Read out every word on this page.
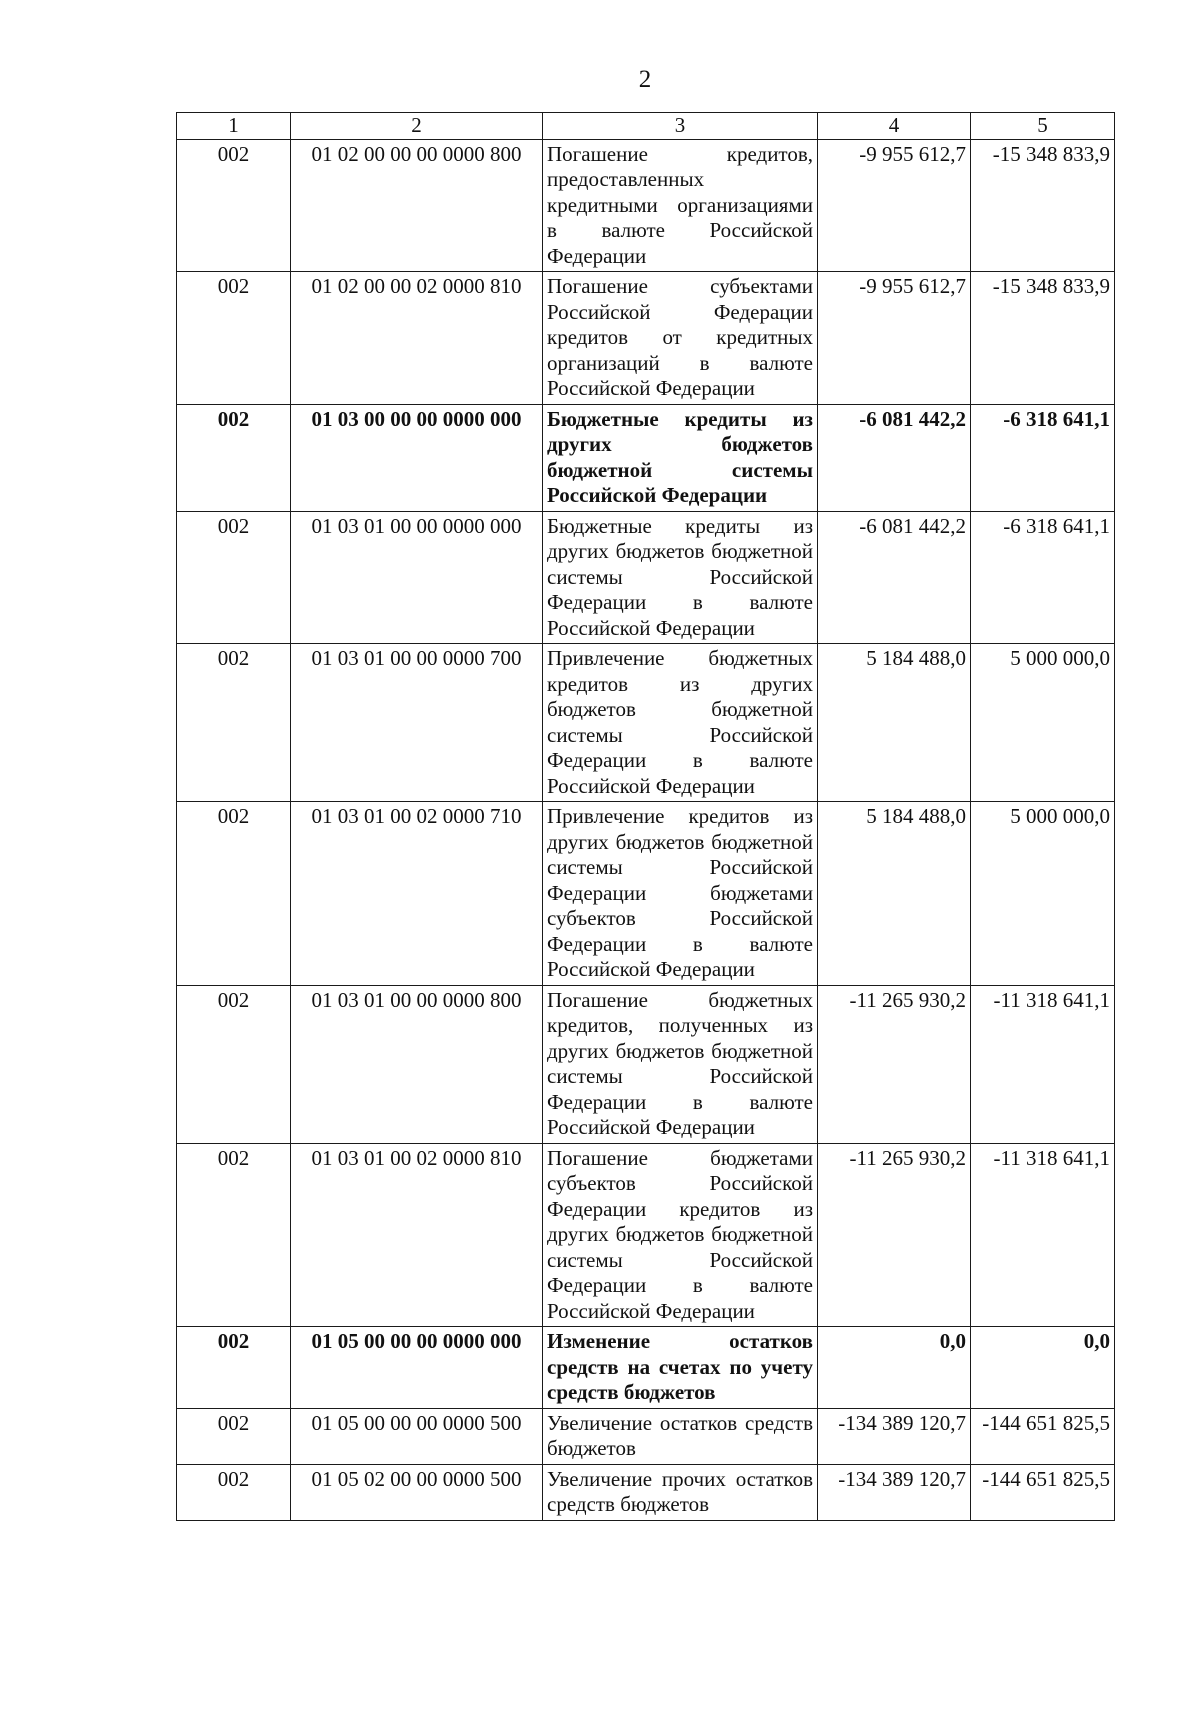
2
1	2	3	4	5
002	01 02 00 00 00 0000 800	Погашение кредитов, предоставленных кредитными организациями в валюте Российской Федерации	-9 955 612,7	-15 348 833,9
002	01 02 00 00 02 0000 810	Погашение субъектами Российской Федерации кредитов от кредитных организаций в валюте Российской Федерации	-9 955 612,7	-15 348 833,9
002	01 03 00 00 00 0000 000	Бюджетные кредиты из других бюджетов бюджетной системы Российской Федерации	-6 081 442,2	-6 318 641,1
002	01 03 01 00 00 0000 000	Бюджетные кредиты из других бюджетов бюджетной системы Российской Федерации в валюте Российской Федерации	-6 081 442,2	-6 318 641,1
002	01 03 01 00 00 0000 700	Привлечение бюджетных кредитов из других бюджетов бюджетной системы Российской Федерации в валюте Российской Федерации	5 184 488,0	5 000 000,0
002	01 03 01 00 02 0000 710	Привлечение кредитов из других бюджетов бюджетной системы Российской Федерации бюджетами субъектов Российской Федерации в валюте Российской Федерации	5 184 488,0	5 000 000,0
002	01 03 01 00 00 0000 800	Погашение бюджетных кредитов, полученных из других бюджетов бюджетной системы Российской Федерации в валюте Российской Федерации	-11 265 930,2	-11 318 641,1
002	01 03 01 00 02 0000 810	Погашение бюджетами субъектов Российской Федерации кредитов из других бюджетов бюджетной системы Российской Федерации в валюте Российской Федерации	-11 265 930,2	-11 318 641,1
002	01 05 00 00 00 0000 000	Изменение остатков средств на счетах по учету средств бюджетов	0,0	0,0
002	01 05 00 00 00 0000 500	Увеличение остатков средств бюджетов	-134 389 120,7	-144 651 825,5
002	01 05 02 00 00 0000 500	Увеличение прочих остатков средств бюджетов	-134 389 120,7	-144 651 825,5
